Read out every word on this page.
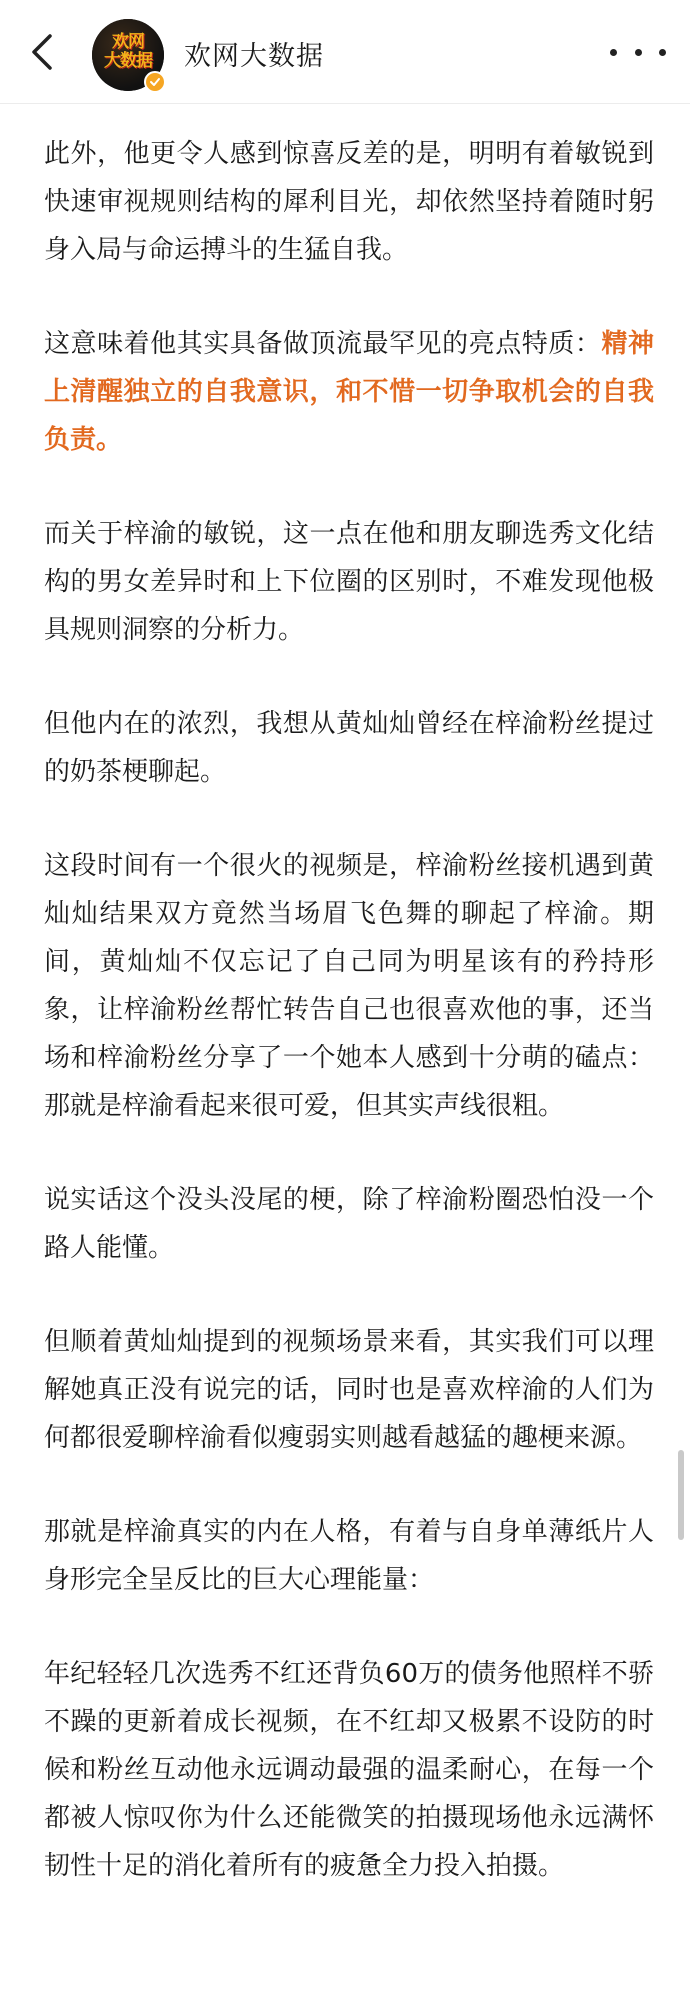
欢网
大数据 欢网大数据

此外，他更令人感到惊喜反差的是，明明有着敏锐到快速审视规则结构的犀利目光，却依然坚持着随时躬身入局与命运搏斗的生猛自我。

这意味着他其实具备做顶流最罕见的亮点特质：精神上清醒独立的自我意识，和不惜一切争取机会的自我负责。

而关于梓渝的敏锐，这一点在他和朋友聊选秀文化结构的男女差异时和上下位圈的区别时，不难发现他极具规则洞察的分析力。

但他内在的浓烈，我想从黄灿灿曾经在梓渝粉丝提过的奶茶梗聊起。

这段时间有一个很火的视频是，梓渝粉丝接机遇到黄灿灿结果双方竟然当场眉飞色舞的聊起了梓渝。期间，黄灿灿不仅忘记了自己同为明星该有的矜持形象，让梓渝粉丝帮忙转告自己也很喜欢他的事，还当场和梓渝粉丝分享了一个她本人感到十分萌的磕点：那就是梓渝看起来很可爱，但其实声线很粗。

说实话这个没头没尾的梗，除了梓渝粉圈恐怕没一个路人能懂。

但顺着黄灿灿提到的视频场景来看，其实我们可以理解她真正没有说完的话，同时也是喜欢梓渝的人们为何都很爱聊梓渝看似瘦弱实则越看越猛的趣梗来源。

那就是梓渝真实的内在人格，有着与自身单薄纸片人身形完全呈反比的巨大心理能量：

年纪轻轻几次选秀不红还背负60万的债务他照样不骄不躁的更新着成长视频，在不红却又极累不设防的时候和粉丝互动他永远调动最强的温柔耐心，在每一个都被人惊叹你为什么还能微笑的拍摄现场他永远满怀韧性十足的消化着所有的疲惫全力投入拍摄。
